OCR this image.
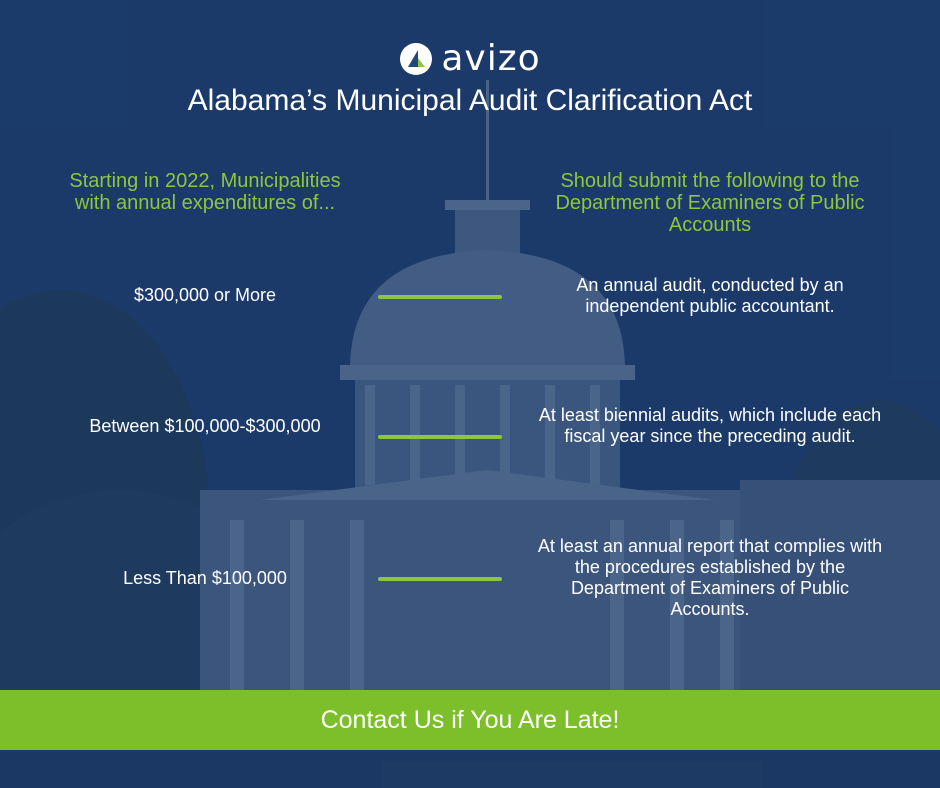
avizo
Alabama’s Municipal Audit Clarification Act
Starting in 2022, Municipalities with annual expenditures of...
Should submit the following to the Department of Examiners of Public Accounts
$300,000 or More	An annual audit, conducted by an independent public accountant.
Between $100,000-$300,000
At least biennial audits, which include each fiscal year since the preceding audit.
Less Than $100,000
At least an annual report that complies with the procedures established by the Department of Examiners of Public Accounts.
Contact Us if You Are Late!
